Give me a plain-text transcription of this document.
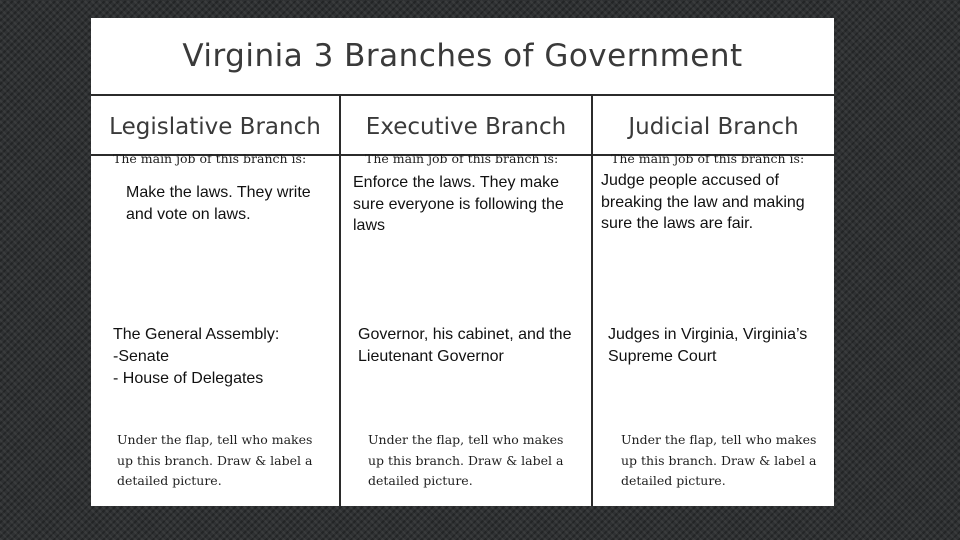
Virginia 3 Branches of Government
Legislative Branch
The main job of this branch is:
Make the laws. They write and vote on laws.
The General Assembly:
-Senate
- House of Delegates
Under the flap, tell who makes up this branch. Draw & label a detailed picture.
Executive Branch
The main job of this branch is:
Enforce the laws. They make sure everyone is following the laws
Governor, his cabinet, and the Lieutenant Governor
Under the flap, tell who makes up this branch. Draw & label a detailed picture.
Judicial Branch
The main job of this branch is:
Judge people accused of breaking the law and making sure the laws are fair.
Judges in Virginia, Virginia’s Supreme Court
Under the flap, tell who makes up this branch. Draw & label a detailed picture.
